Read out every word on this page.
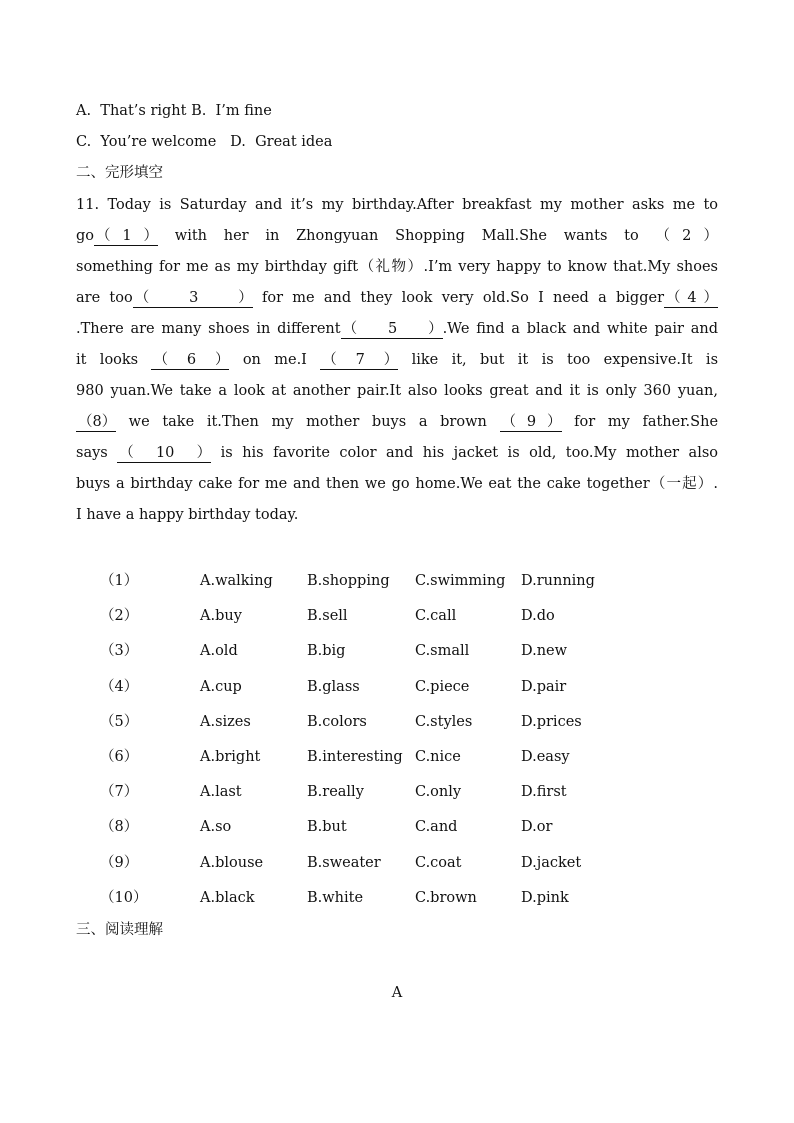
A.  That’s right B.  I’m fine
C.  You’re welcome   D.  Great idea
二、完形填空
11. Today is Saturday and it’s my birthday.After breakfast my mother asks me to
go （1） with her in Zhongyuan Shopping Mall.She wants to （2）
something for me as my birthday gift（礼物）.I’m very happy to know that.My shoes
are too （3） for me and they look very old.So I need a bigger （4）
.There are many shoes in different （5）.We find a black and white pair and
it looks （6） on me.I （7） like it, but it is too expensive.It is
980 yuan.We take a look at another pair.It also looks great and it is only 360 yuan,
（8） we take it.Then my mother buys a brown （9） for my father.She
says （10） is his favorite color and his jacket is old, too.My mother also
buys a birthday cake for me and then we go home.We eat the cake together（一起）.
I have a happy birthday today.
（1）	A.walking B.shopping C.swimming D.running
（2）	A.buy	B.sell	C.call	D.do
（3）	A.old	B.big	C.small	D.new
（4）	A.cup	B.glass	C.piece	D.pair
（5）	A.sizes	B.colors	C.styles	D.prices
（6）	A.bright	B.interesting C.nice	D.easy
（7）	A.last	B.really	C.only	D.first
（8）	A.so	B.but	C.and	D.or
（9）	A.blouse	B.sweater C.coat	D.jacket
（10）	A.black	B.white	C.brown	D.pink
三、阅读理解
A
